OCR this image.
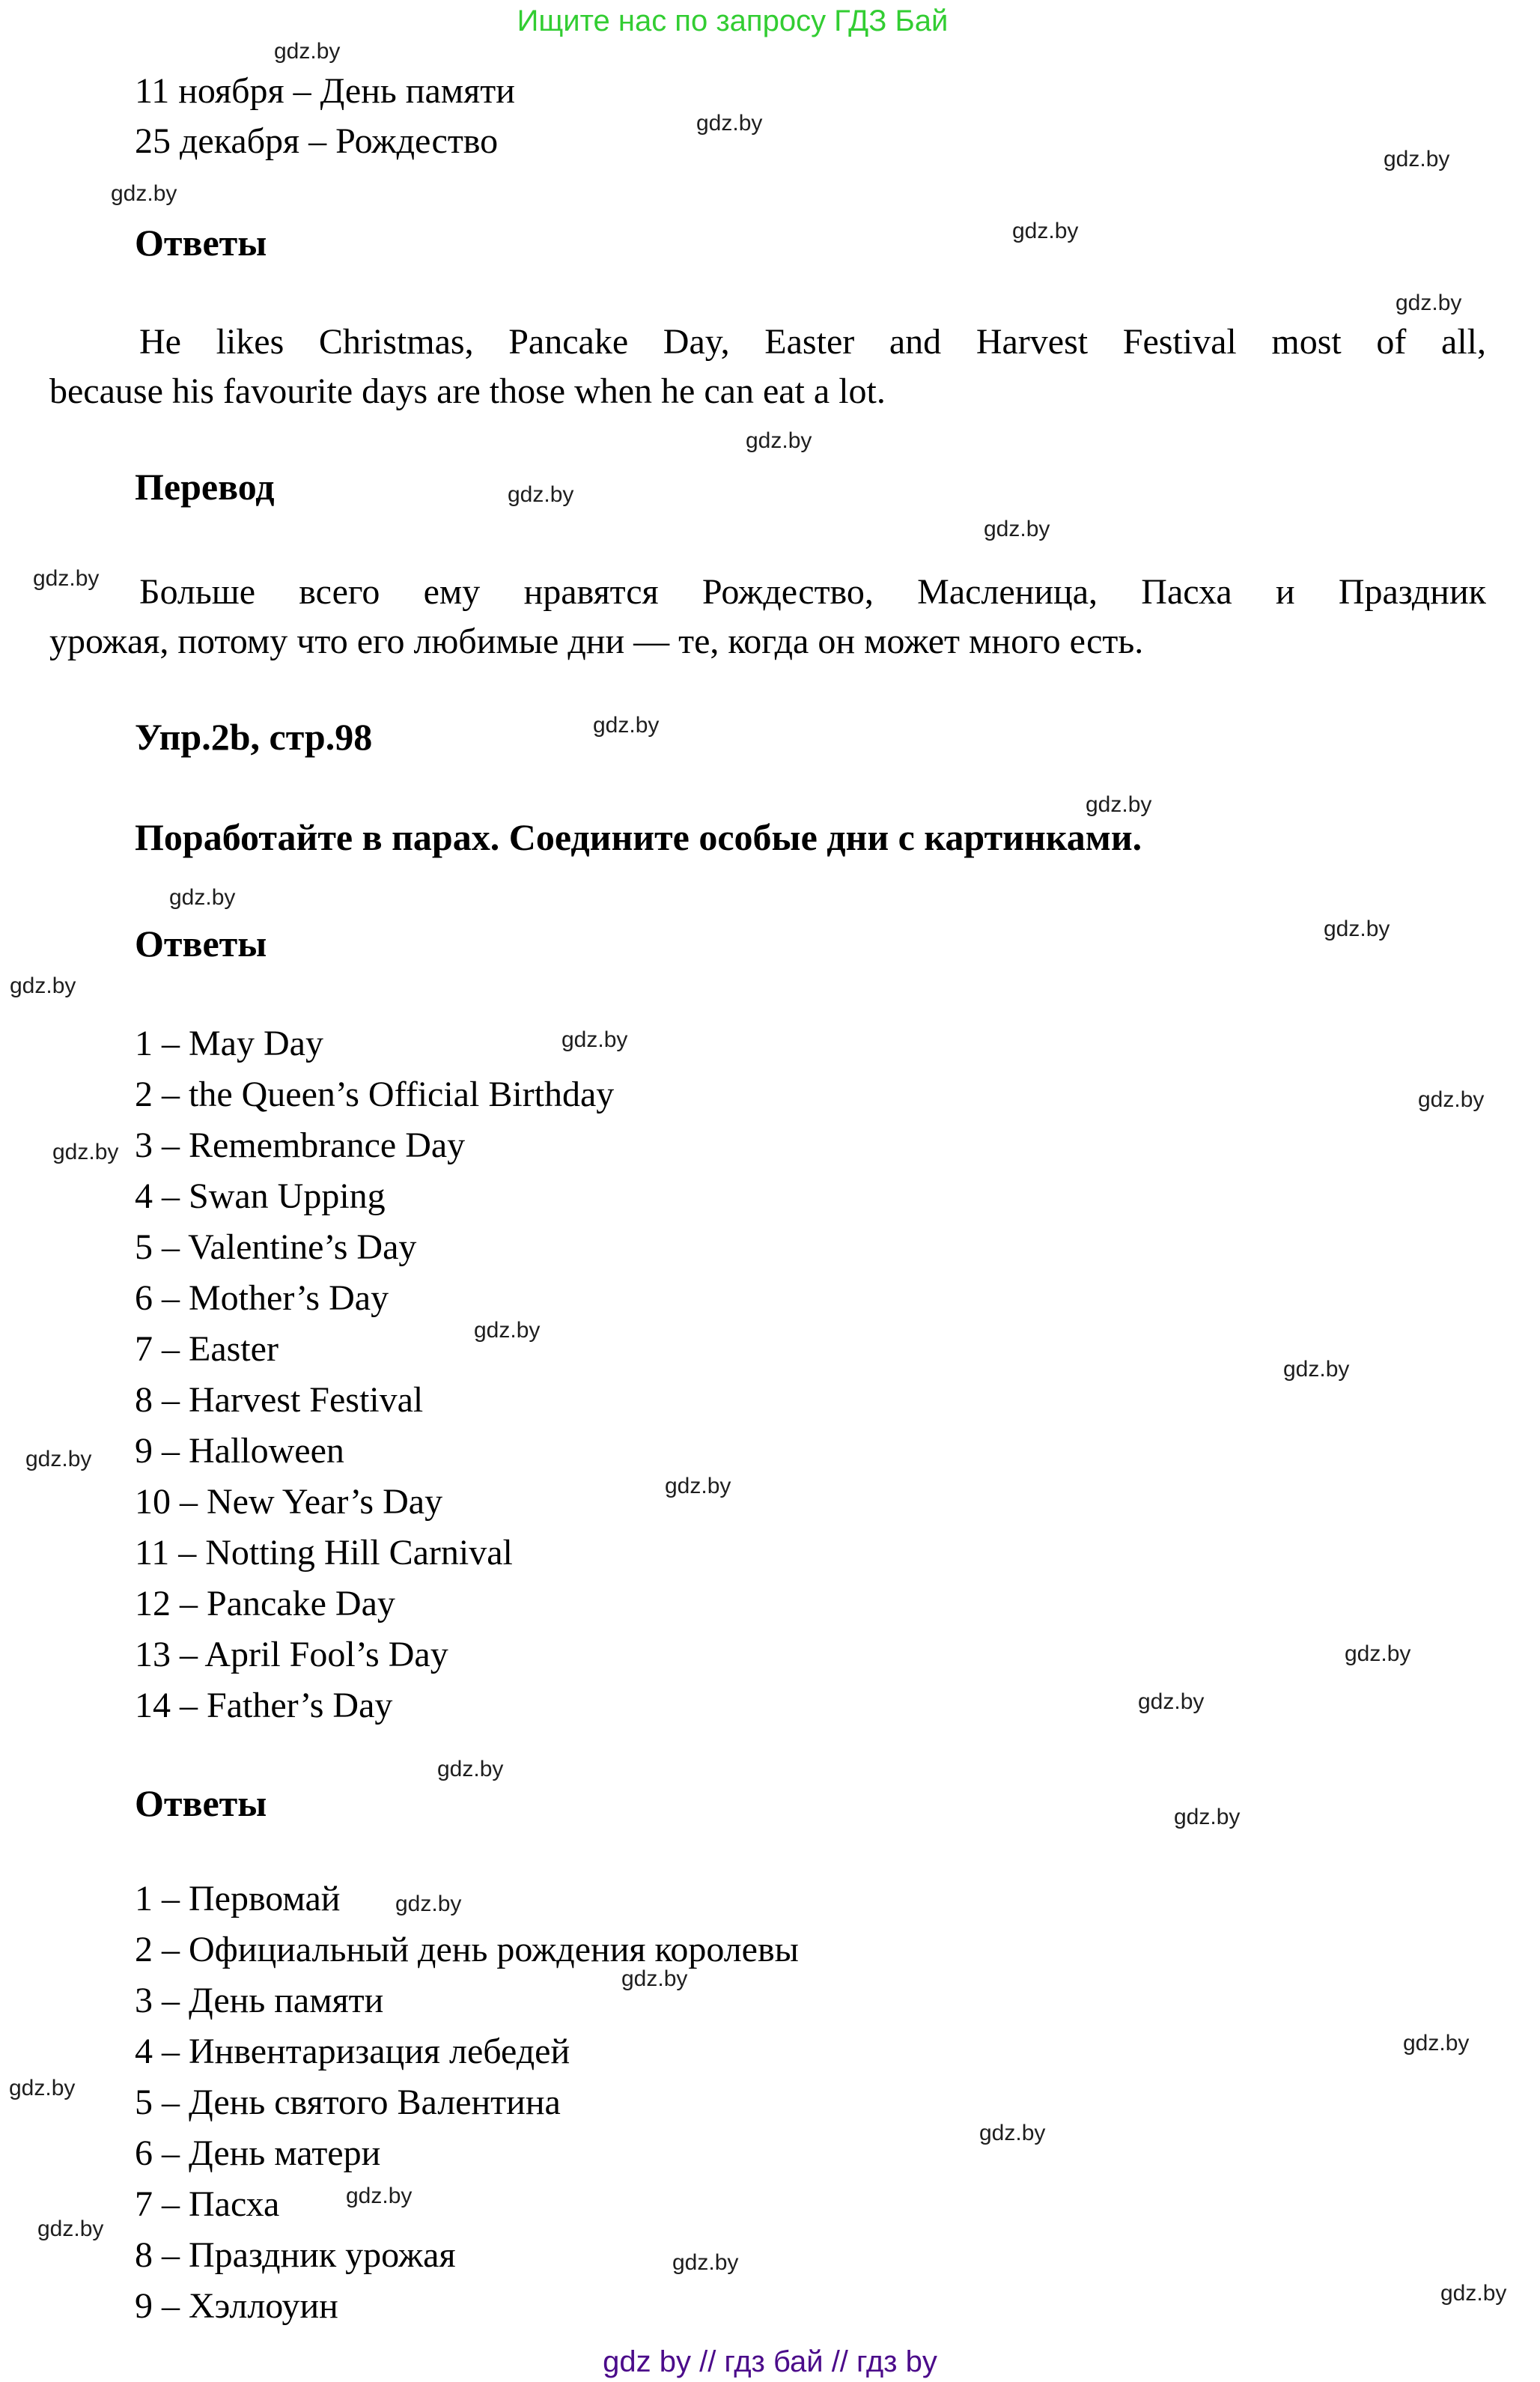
Ищите нас по запросу ГДЗ Бай
11 ноября – День памяти
25 декабря – Рождество
Ответы
He likes Christmas, Pancake Day, Easter and Harvest Festival most of all,
because his favourite days are those when he can eat a lot.
Перевод
Больше всего ему нравятся Рождество, Масленица, Пасха и Праздник
урожая, потому что его любимые дни — те, когда он может много есть.
Упр.2b, стр.98
Поработайте в парах. Соедините особые дни с картинками.
Ответы
1 – May Day
2 – the Queen’s Official Birthday
3 – Remembrance Day
4 – Swan Upping
5 – Valentine’s Day
6 – Mother’s Day
7 – Easter
8 – Harvest Festival
9 – Halloween
10 – New Year’s Day
11 – Notting Hill Carnival
12 – Pancake Day
13 – April Fool’s Day
14 – Father’s Day
Ответы
1 – Первомай
2 – Официальный день рождения королевы
3 – День памяти
4 – Инвентаризация лебедей
5 – День святого Валентина
6 – День матери
7 – Пасха
8 – Праздник урожая
9 – Хэллоуин
gdz by // гдз бай // гдз by
gdz.by
gdz.by
gdz.by
gdz.by
gdz.by
gdz.by
gdz.by
gdz.by
gdz.by
gdz.by
gdz.by
gdz.by
gdz.by
gdz.by
gdz.by
gdz.by
gdz.by
gdz.by
gdz.by
gdz.by
gdz.by
gdz.by
gdz.by
gdz.by
gdz.by
gdz.by
gdz.by
gdz.by
gdz.by
gdz.by
gdz.by
gdz.by
gdz.by
gdz.by
gdz.by
